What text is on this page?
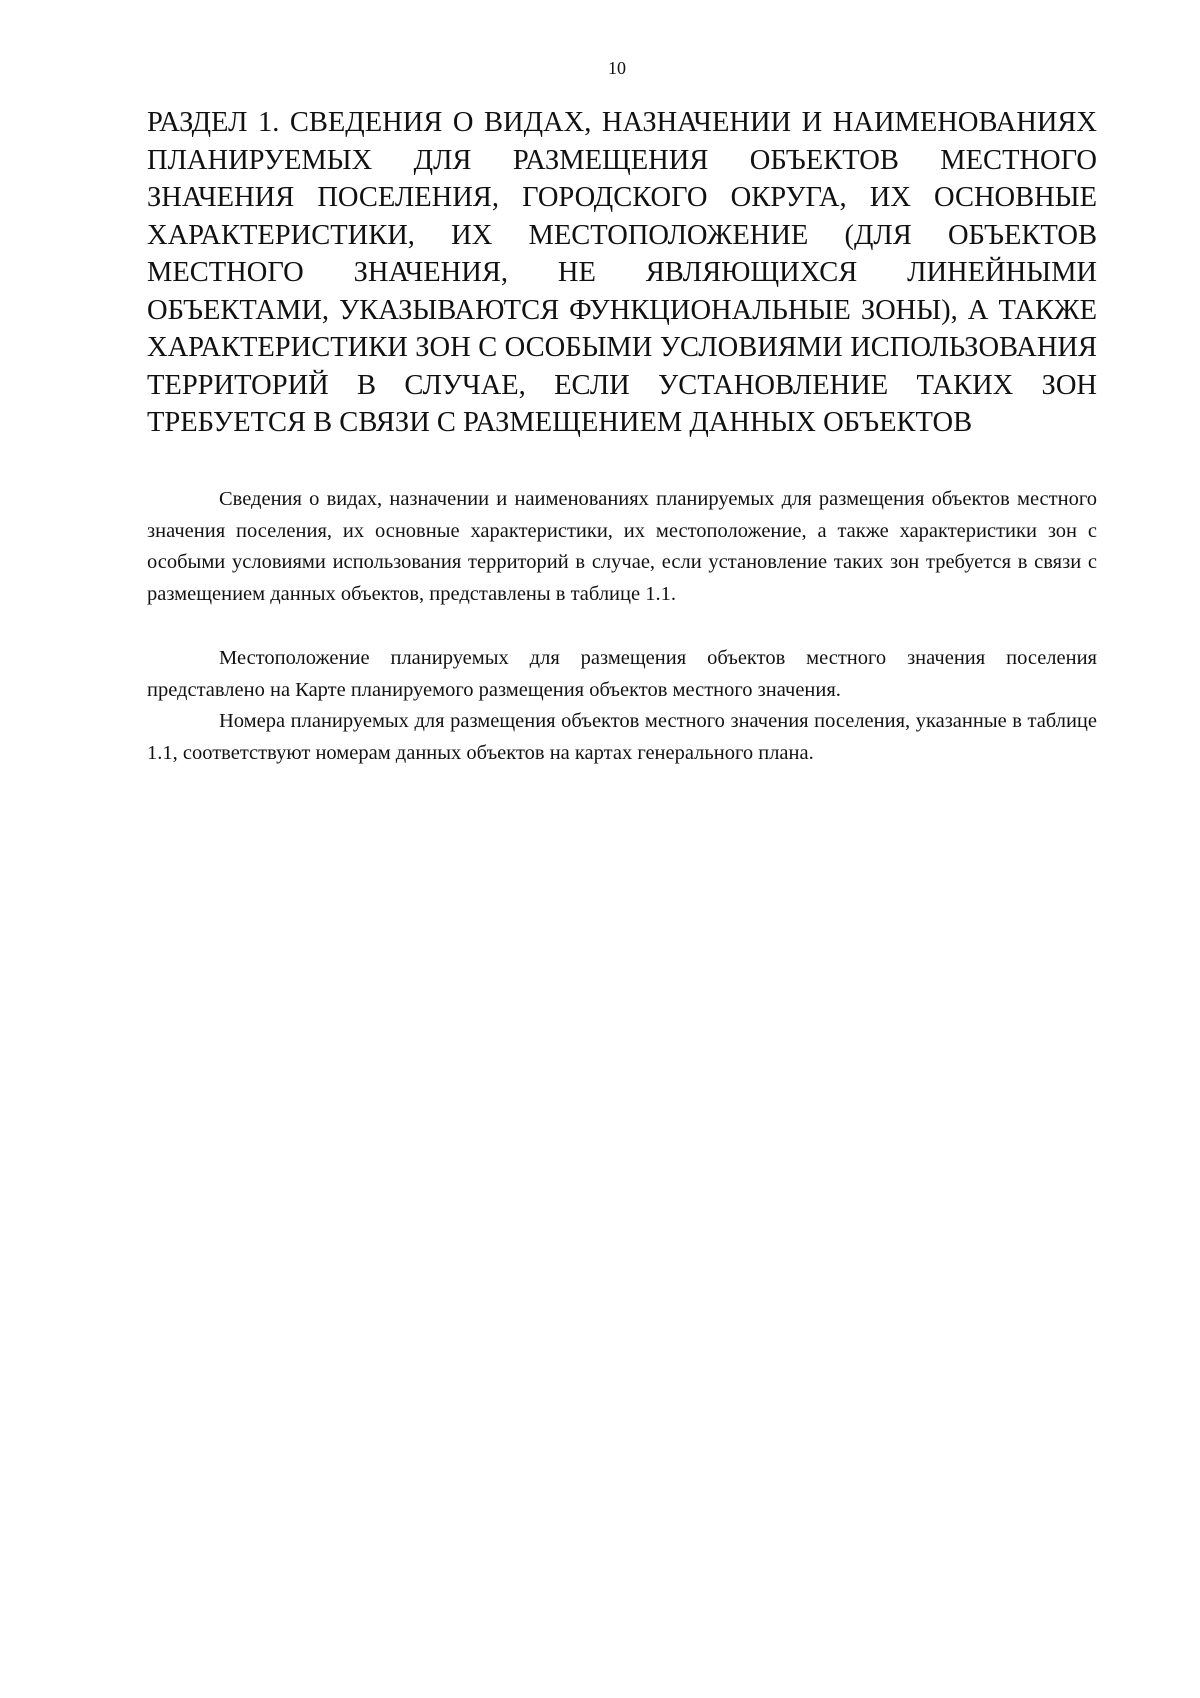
10
РАЗДЕЛ 1. СВЕДЕНИЯ О ВИДАХ, НАЗНАЧЕНИИ И НАИМЕНОВАНИЯХ ПЛАНИРУЕМЫХ ДЛЯ РАЗМЕЩЕНИЯ ОБЪЕКТОВ МЕСТНОГО ЗНАЧЕНИЯ ПОСЕЛЕНИЯ, ГОРОДСКОГО ОКРУГА, ИХ ОСНОВНЫЕ ХАРАКТЕРИСТИКИ, ИХ МЕСТОПОЛОЖЕНИЕ (ДЛЯ ОБЪЕКТОВ МЕСТНОГО ЗНАЧЕНИЯ, НЕ ЯВЛЯЮЩИХСЯ ЛИНЕЙНЫМИ ОБЪЕКТАМИ, УКАЗЫВАЮТСЯ ФУНКЦИОНАЛЬНЫЕ ЗОНЫ), А ТАКЖЕ ХАРАКТЕРИСТИКИ ЗОН С ОСОБЫМИ УСЛОВИЯМИ ИСПОЛЬЗОВАНИЯ ТЕРРИТОРИЙ В СЛУЧАЕ, ЕСЛИ УСТАНОВЛЕНИЕ ТАКИХ ЗОН ТРЕБУЕТСЯ В СВЯЗИ С РАЗМЕЩЕНИЕМ ДАННЫХ ОБЪЕКТОВ

Сведения о видах, назначении и наименованиях планируемых для размещения объектов местного значения поселения, их основные характеристики, их местоположение, а также характеристики зон с особыми условиями использования территорий в случае, если установление таких зон требуется в связи с размещением данных объектов, представлены в таблице 1.1.

Местоположение планируемых для размещения объектов местного значения поселения представлено на Карте планируемого размещения объектов местного значения.

Номера планируемых для размещения объектов местного значения поселения, указанные в таблице 1.1, соответствуют номерам данных объектов на картах генерального плана.
